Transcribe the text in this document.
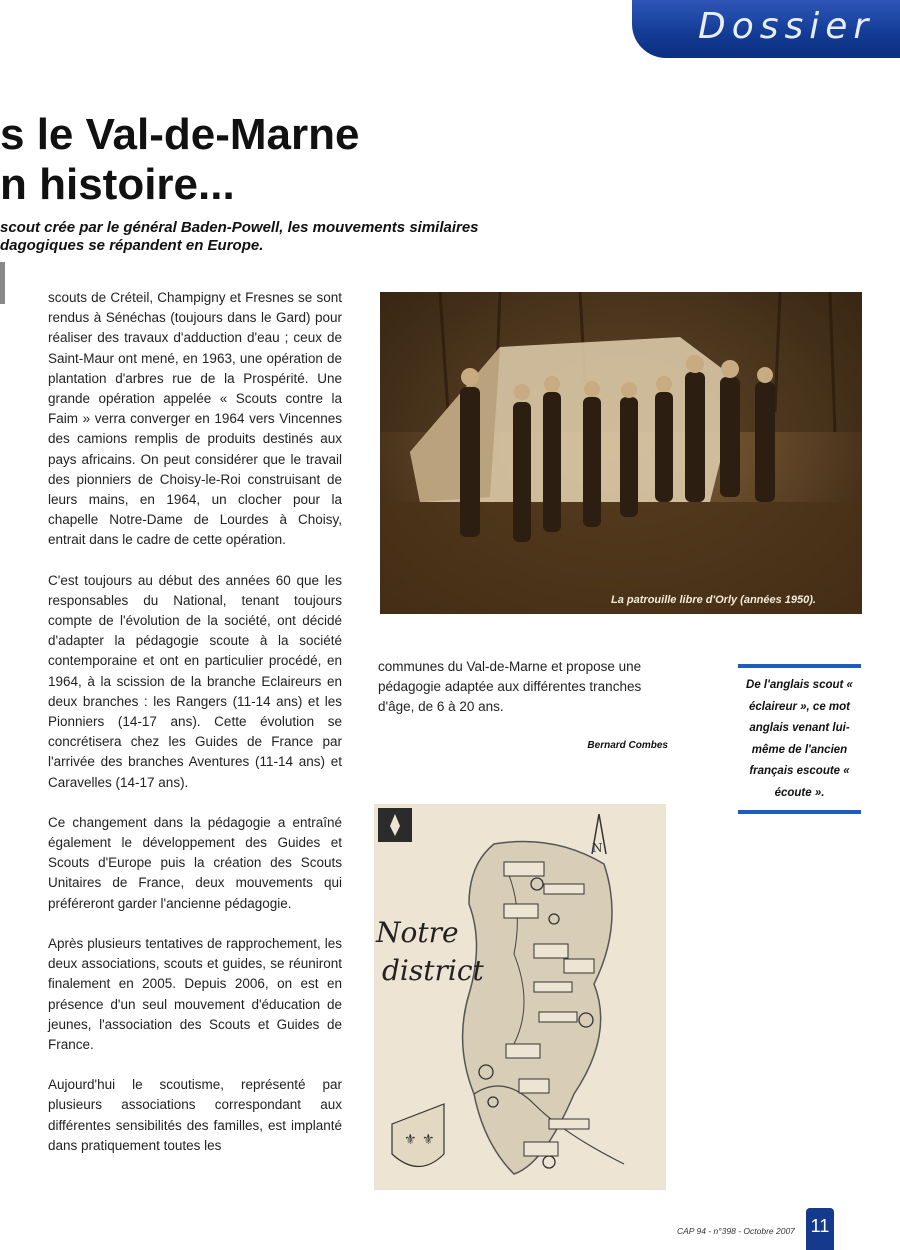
Dossier
s le Val-de-Marne
n histoire...
scout crée par le général Baden-Powell, les mouvements similaires
dagogiques se répandent en Europe.

scouts de Créteil, Champigny et Fresnes se sont rendus à Sénéchas (toujours dans le Gard) pour réaliser des travaux d'adduction d'eau ; ceux de Saint-Maur ont mené, en 1963, une opération de plantation d'arbres rue de la Prospérité. Une grande opération appelée « Scouts contre la Faim » verra converger en 1964 vers Vincennes des camions remplis de produits destinés aux pays africains. On peut considérer que le travail des pionniers de Choisy-le-Roi construisant de leurs mains, en 1964, un clocher pour la chapelle Notre-Dame de Lourdes à Choisy, entrait dans le cadre de cette opération.

C'est toujours au début des années 60 que les responsables du National, tenant toujours compte de l'évolution de la société, ont décidé d'adapter la pédagogie scoute à la société contemporaine et ont en particulier procédé, en 1964, à la scission de la branche Eclaireurs en deux branches : les Rangers (11-14 ans) et les Pionniers (14-17 ans). Cette évolution se concrétisera chez les Guides de France par l'arrivée des branches Aventures (11-14 ans) et Caravelles (14-17 ans).

Ce changement dans la pédagogie a entraîné également le développement des Guides et Scouts d'Europe puis la création des Scouts Unitaires de France, deux mouvements qui préféreront garder l'ancienne pédagogie.

Après plusieurs tentatives de rapprochement, les deux associations, scouts et guides, se réuniront finalement en 2005. Depuis 2006, on est en présence d'un seul mouvement d'éducation de jeunes, l'association des Scouts et Guides de France.

Aujourd'hui le scoutisme, représenté par plusieurs associations correspondant aux différentes sensibilités des familles, est implanté dans pratiquement toutes les

La patrouille libre d'Orly (années 1950).

communes du Val-de-Marne et propose une pédagogie adaptée aux différentes tranches d'âge, de 6 à 20 ans.

Bernard Combes
De l'anglais scout « éclaireur », ce mot anglais venant lui-même de l'ancien français escoute « écoute ».
N
Notre
district
⚜ ⚜
CAP 94 - n°398 - Octobre 2007 11
